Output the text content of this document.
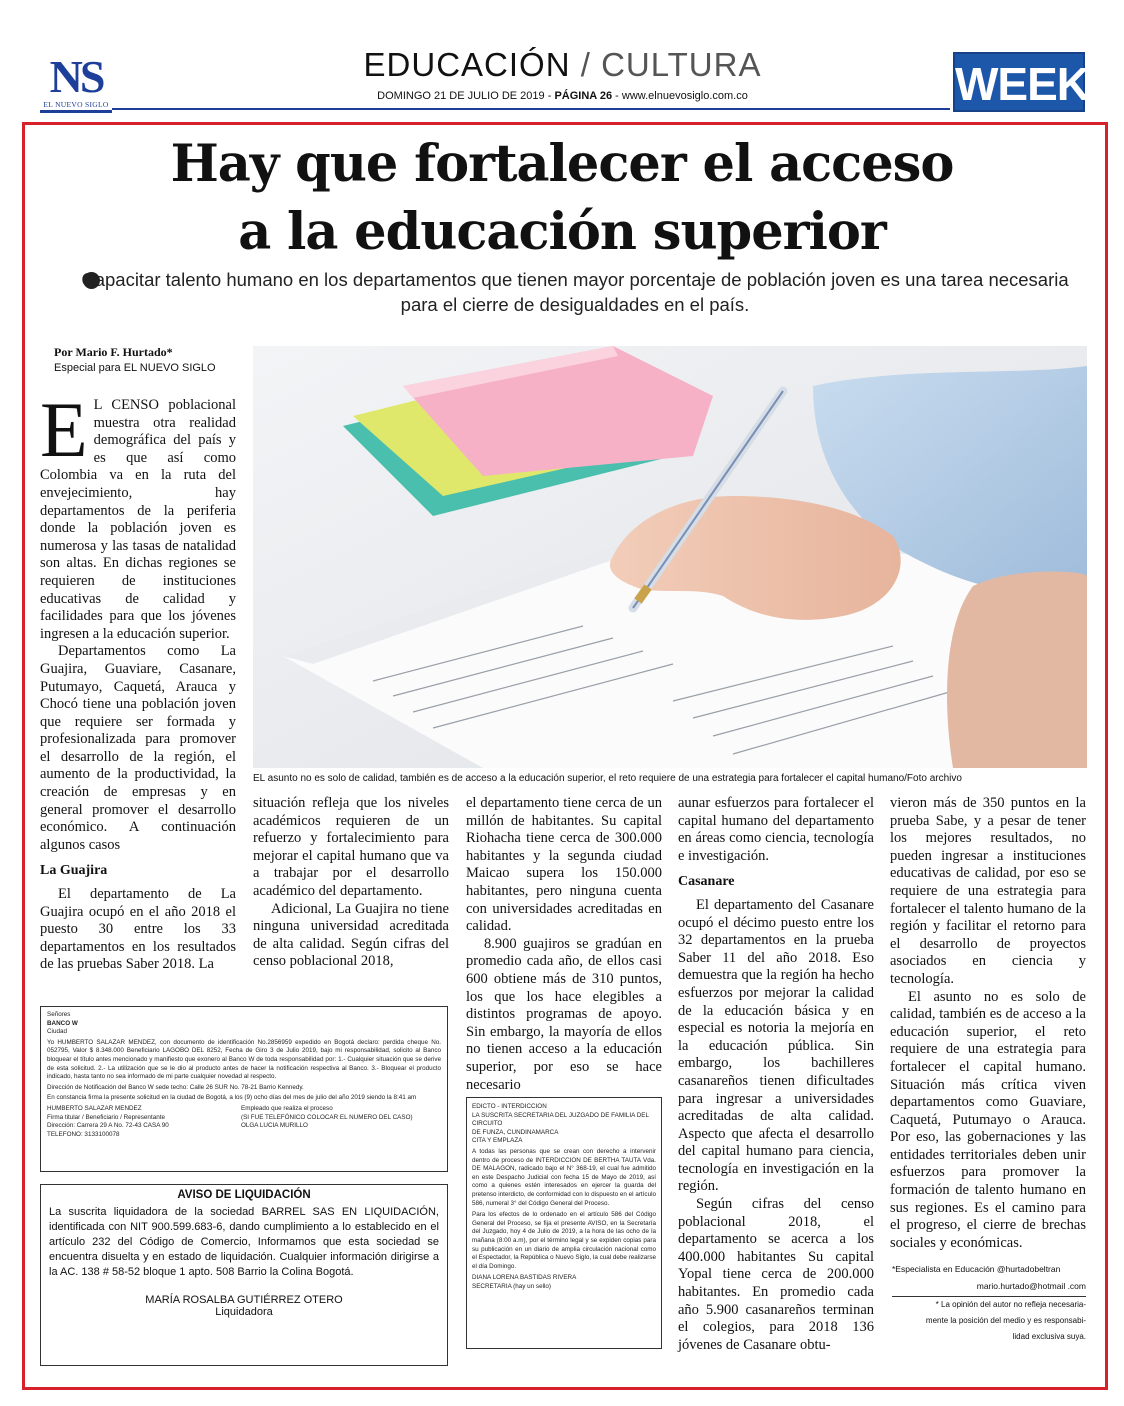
NS
EL NUEVO SIGLO
EDUCACIÓN / CULTURA
DOMINGO 21 DE JULIO DE 2019 - PÁGINA 26 - www.elnuevosiglo.com.co	WEEK
Hay que fortalecer el acceso
a la educación superior
Capacitar talento humano en los departamentos que tienen mayor porcentaje de población joven es una tarea necesaria para el cierre de desigualdades en el país.
Por Mario F. Hurtado*
Especial para EL NUEVO SIGLO
EL asunto no es solo de calidad, también es de acceso a la educación superior, el reto requiere de una estrategia para fortalecer el capital humano/Foto archivo

E L CENSO poblacional muestra otra realidad demográfica del país y es que así como Colombia va en la ruta del envejecimiento, hay departamentos de la periferia donde la población joven es numerosa y las tasas de natalidad son altas. En dichas regiones se requieren de instituciones educativas de calidad y facilidades para que los jóvenes ingresen a la educación superior.

Departamentos como La Guajira, Guaviare, Casanare, Putumayo, Caquetá, Arauca y Chocó tiene una población joven que requiere ser formada y profesionalizada para promover el desarrollo de la región, el aumento de la productividad, la creación de empresas y en general promover el desarrollo económico. A continuación algunos casos

La Guajira

El departamento de La Guajira ocupó en el año 2018 el puesto 30 entre los 33 departamentos en los resultados de las pruebas Saber 2018. La

situación refleja que los niveles académicos requieren de un refuerzo y fortalecimiento para mejorar el capital humano que va a trabajar por el desarrollo académico del departamento.

Adicional, La Guajira no tiene ninguna universidad acreditada de alta calidad. Según cifras del censo poblacional 2018,

el departamento tiene cerca de un millón de habitantes. Su capital Riohacha tiene cerca de 300.000 habitantes y la segunda ciudad Maicao supera los 150.000 habitantes, pero ninguna cuenta con universidades acreditadas en calidad.

8.900 guajiros se gradúan en promedio cada año, de ellos casi 600 obtiene más de 310 puntos, los que los hace elegibles a distintos programas de apoyo. Sin embargo, la mayoría de ellos no tienen acceso a la educación superior, por eso se hace necesario

aunar esfuerzos para fortalecer el capital humano del departamento en áreas como ciencia, tecnología e investigación.

Casanare

El departamento del Casanare ocupó el décimo puesto entre los 32 departamentos en la prueba Saber 11 del año 2018. Eso demuestra que la región ha hecho esfuerzos por mejorar la calidad de la educación básica y en especial es notoria la mejoría en la educación pública. Sin embargo, los bachilleres casanareños tienen dificultades para ingresar a universidades acreditadas de alta calidad. Aspecto que afecta el desarrollo del capital humano para ciencia, tecnología en investigación en la región.

Según cifras del censo poblacional 2018, el departamento se acerca a los 400.000 habitantes Su capital Yopal tiene cerca de 200.000 habitantes. En promedio cada año 5.900 casanareños terminan el colegios, para 2018 136 jóvenes de Casanare obtu-

vieron más de 350 puntos en la prueba Sabe, y a pesar de tener los mejores resultados, no pueden ingresar a instituciones educativas de calidad, por eso se requiere de una estrategia para fortalecer el talento humano de la región y facilitar el retorno para el desarrollo de proyectos asociados en ciencia y tecnología.

El asunto no es solo de calidad, también es de acceso a la educación superior, el reto requiere de una estrategia para fortalecer el capital humano. Situación más crítica viven departamentos como Guaviare, Caquetá, Putumayo o Arauca. Por eso, las gobernaciones y las entidades territoriales deben unir esfuerzos para promover la formación de talento humano en sus regiones. Es el camino para el progreso, el cierre de brechas sociales y económicas.

*Especialista en Educación @hurtadobeltran
mario.hurtado@hotmail .com
* La opinión del autor no refleja necesaria-
mente la posición del medio y es responsabi-
lidad exclusiva suya.
Señores
BANCO W
Ciudad
Yo HUMBERTO SALAZAR MENDEZ, con documento de identificación No.2856959 expedido en Bogotá declaro: perdida cheque No. 052795, Valor $ 8.348.000 Beneficiario LAGOBO DEL 8252, Fecha de Giro 3 de Julio 2019, bajo mi responsabilidad, solicito al Banco bloquear el título antes mencionado y manifiesto que exonero al Banco W de toda responsabilidad por: 1.- Cualquier situación que se derive de esta solicitud. 2.- La utilización que se le dio al producto antes de hacer la notificación respectiva al Banco. 3.- Bloquear el producto indicado, hasta tanto no sea informado de mi parte cualquier novedad al respecto.
Dirección de Notificación del Banco W sede techo: Calle 26 SUR No. 78-21 Barrio Kennedy.
En constancia firma la presente solicitud en la ciudad de Bogotá, a los (9) ocho días del mes de julio del año 2019 siendo la 8:41 am
HUMBERTO SALAZAR MENDEZ
Firma titular / Beneficiario / Representante
Dirección: Carrera 29 A No. 72-43 CASA 90
TELEFONO: 3133100078
Empleado que realiza el proceso
(SI FUE TELEFÓNICO COLOCAR EL NUMERO DEL CASO)
OLGA LUCIA MURILLO
AVISO DE LIQUIDACIÓN
La suscrita liquidadora de la sociedad BARREL SAS EN LIQUIDACIÓN, identificada con NIT 900.599.683-6, dando cumplimiento a lo establecido en el artículo 232 del Código de Comercio, Informamos que esta sociedad se encuentra disuelta y en estado de liquidación. Cualquier información dirigirse a la AC. 138 # 58-52 bloque 1 apto. 508 Barrio la Colina Bogotá.
MARÍA ROSALBA GUTIÉRREZ OTERO
Liquidadora
EDICTO - INTERDICCION
LA SUSCRITA SECRETARIA DEL JUZGADO DE FAMILIA DEL CIRCUITO
DE FUNZA, CUNDINAMARCA
CITA Y EMPLAZA
A todas las personas que se crean con derecho a intervenir dentro de proceso de INTERDICCION DE BERTHA TAUTA Vda. DE MALAGON, radicado bajo el N° 368-19, el cual fue admitido en este Despacho Judicial con fecha 15 de Mayo de 2019, así como a quienes estén interesados en ejercer la guarda del pretenso interdicto, de conformidad con lo dispuesto en el artículo 586, numeral 3° del Código General del Proceso.
Para los efectos de lo ordenado en el artículo 586 del Código General del Proceso, se fija el presente AVISO, en la Secretaría del Juzgado, hoy 4 de Julio de 2019, a la hora de las ocho de la mañana (8:00 a.m), por el término legal y se expiden copias para su publicación en un diario de amplia circulación nacional como el Espectador, la República o Nuevo Siglo, la cual debe realizarse el día Domingo.
DIANA LORENA BASTIDAS RIVERA
SECRETARIA (hay un sello)
